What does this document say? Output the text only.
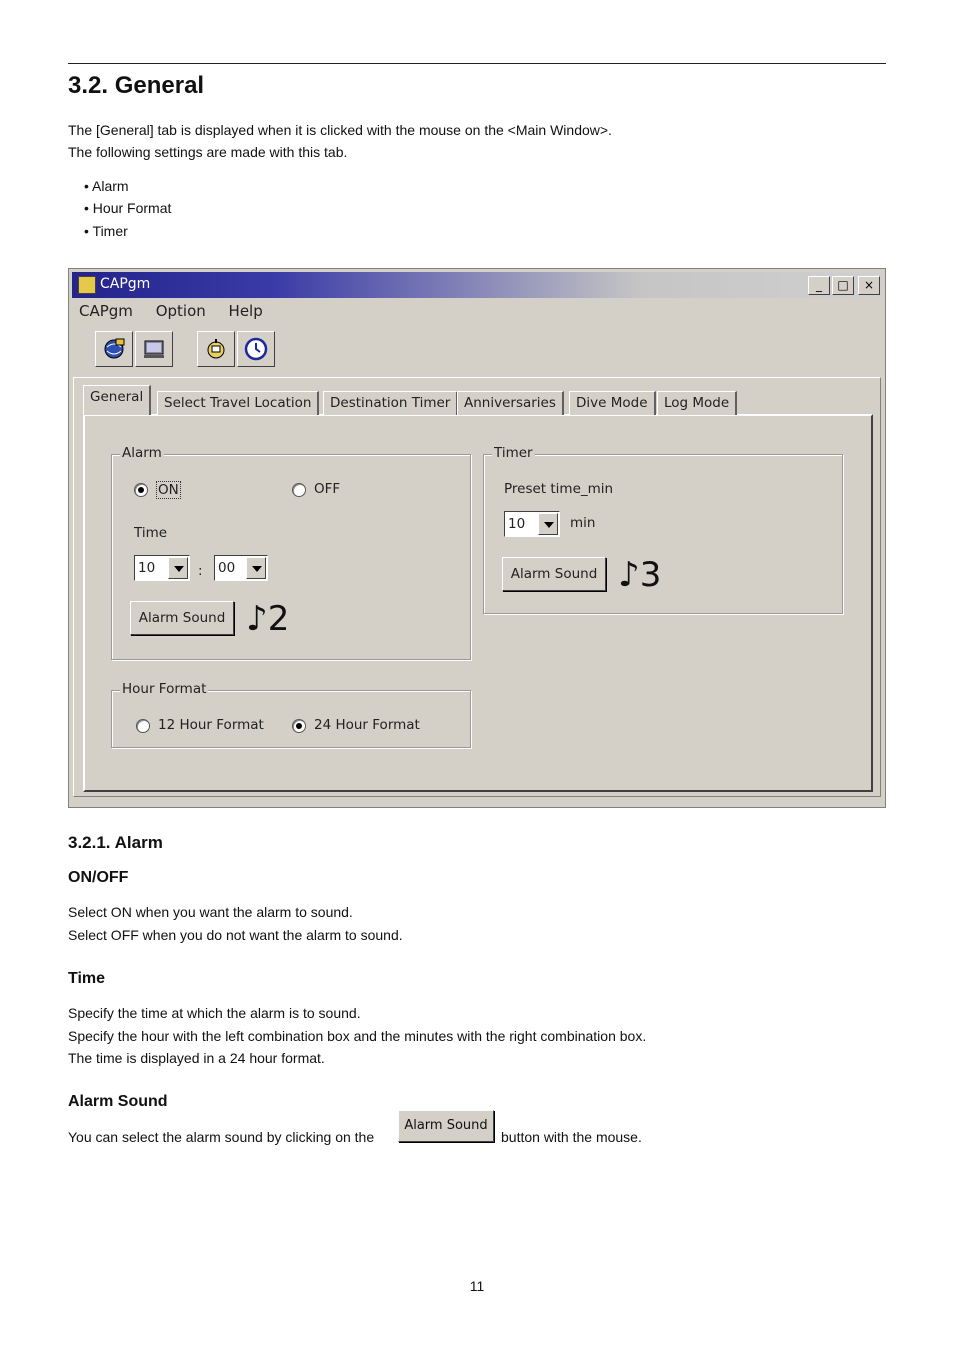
3.2. General
The [General] tab is displayed when it is clicked with the mouse on the <Main Window>.
The following settings are made with this tab.
• Alarm
• Hour Format
• Timer
CAPgm	_	□	×
CAPgm Option Help
Alarm
ON	OFF
Time
10	: 00
Alarm Sound ♪2
Hour Format
12 Hour Format	24 Hour Format
Timer
Preset time_min
10	min
Alarm Sound ♪3
General	Select Travel Location	Destination Timer	Anniversaries	Dive Mode	Log Mode
3.2.1. Alarm
ON/OFF
Select ON when you want the alarm to sound.
Select OFF when you do not want the alarm to sound.
Time
Specify the time at which the alarm is to sound.
Specify the hour with the left combination box and the minutes with the right combination box.
The time is displayed in a 24 hour format.
Alarm Sound
You can select the alarm sound by clicking on the
Alarm Sound
button with the mouse.
11
